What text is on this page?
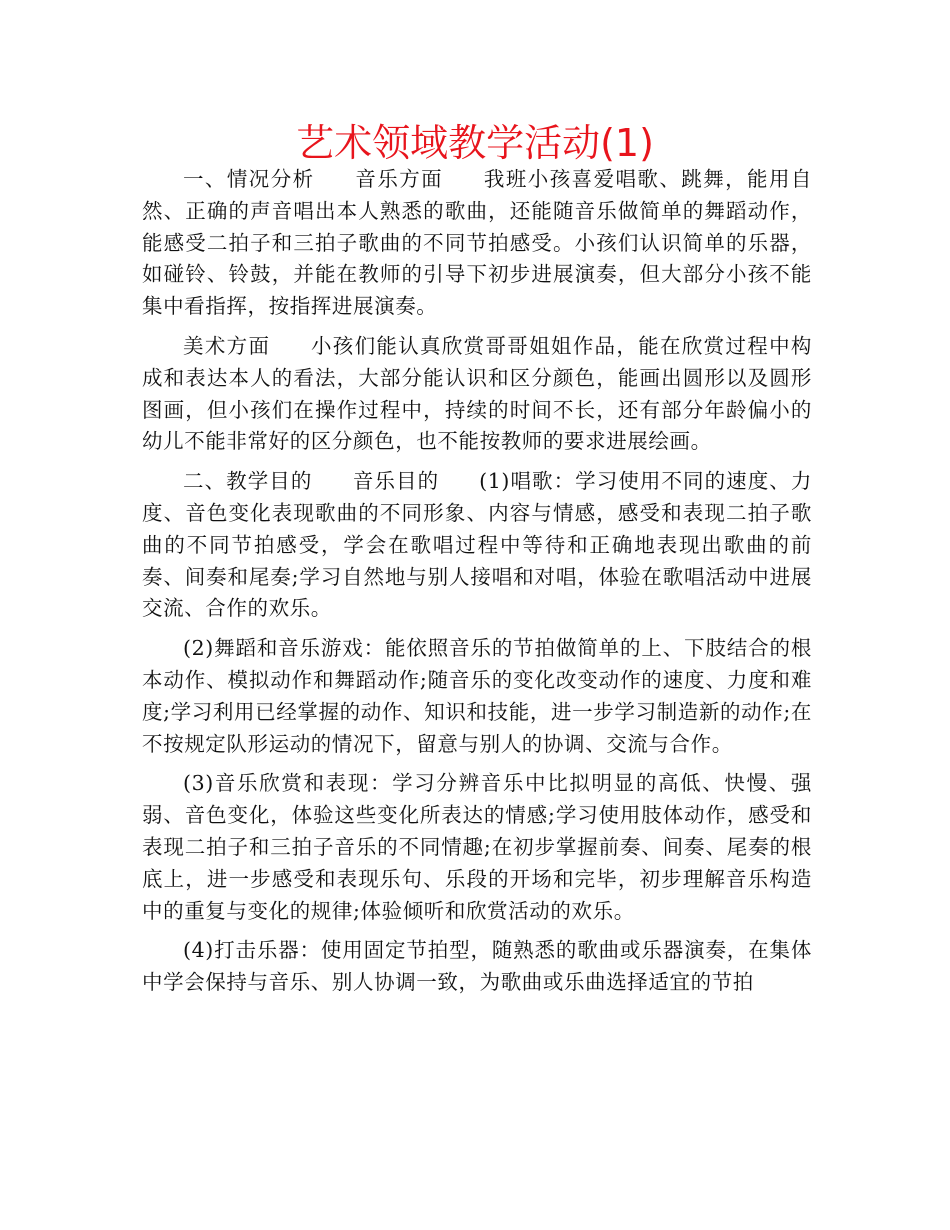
艺术领域教学活动(1)

一、情况分析 音乐方面 我班小孩喜爱唱歌、跳舞，能用自然、正确的声音唱出本人熟悉的歌曲，还能随音乐做简单的舞蹈动作，能感受二拍子和三拍子歌曲的不同节拍感受。小孩们认识简单的乐器，如碰铃、铃鼓，并能在教师的引导下初步进展演奏，但大部分小孩不能集中看指挥，按指挥进展演奏。

美术方面 小孩们能认真欣赏哥哥姐姐作品，能在欣赏过程中构成和表达本人的看法，大部分能认识和区分颜色，能画出圆形以及圆形图画，但小孩们在操作过程中，持续的时间不长，还有部分年龄偏小的幼儿不能非常好的区分颜色，也不能按教师的要求进展绘画。

二、教学目的 音乐目的 (1)唱歌：学习使用不同的速度、力度、音色变化表现歌曲的不同形象、内容与情感，感受和表现二拍子歌曲的不同节拍感受，学会在歌唱过程中等待和正确地表现出歌曲的前奏、间奏和尾奏;学习自然地与别人接唱和对唱，体验在歌唱活动中进展交流、合作的欢乐。

(2)舞蹈和音乐游戏：能依照音乐的节拍做简单的上、下肢结合的根本动作、模拟动作和舞蹈动作;随音乐的变化改变动作的速度、力度和难度;学习利用已经掌握的动作、知识和技能，进一步学习制造新的动作;在不按规定队形运动的情况下，留意与别人的协调、交流与合作。

(3)音乐欣赏和表现：学习分辨音乐中比拟明显的高低、快慢、强弱、音色变化，体验这些变化所表达的情感;学习使用肢体动作，感受和表现二拍子和三拍子音乐的不同情趣;在初步掌握前奏、间奏、尾奏的根底上，进一步感受和表现乐句、乐段的开场和完毕，初步理解音乐构造中的重复与变化的规律;体验倾听和欣赏活动的欢乐。

(4)打击乐器：使用固定节拍型，随熟悉的歌曲或乐器演奏，在集体中学会保持与音乐、别人协调一致，为歌曲或乐曲选择适宜的节拍
